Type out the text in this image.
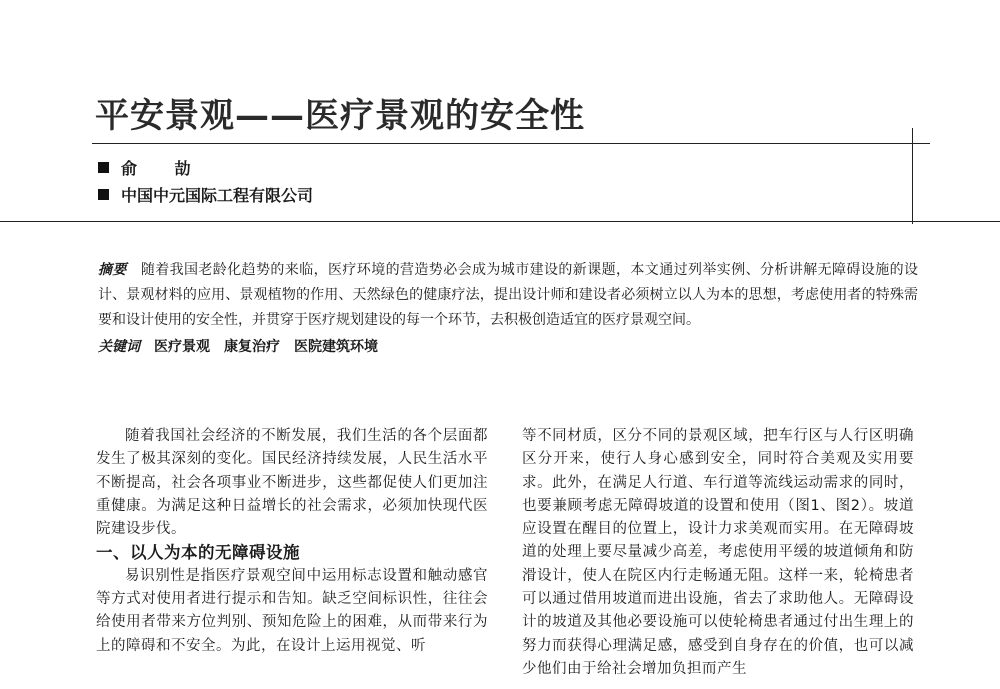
平安景观——医疗景观的安全性
俞 劼
中国中元国际工程有限公司
摘要 随着我国老龄化趋势的来临，医疗环境的营造势必会成为城市建设的新课题，本文通过列举实例、分析讲解无障碍设施的设计、景观材料的应用、景观植物的作用、天然绿色的健康疗法，提出设计师和建设者必须树立以人为本的思想，考虑使用者的特殊需要和设计使用的安全性，并贯穿于医疗规划建设的每一个环节，去积极创造适宜的医疗景观空间。
关键词 医疗景观 康复治疗 医院建筑环境

随着我国社会经济的不断发展，我们生活的各个层面都发生了极其深刻的变化。国民经济持续发展，人民生活水平不断提高，社会各项事业不断进步，这些都促使人们更加注重健康。为满足这种日益增长的社会需求，必须加快现代医院建设步伐。

一、以人为本的无障碍设施

易识别性是指医疗景观空间中运用标志设置和触动感官等方式对使用者进行提示和告知。缺乏空间标识性，往往会给使用者带来方位判别、预知危险上的困难，从而带来行为上的障碍和不安全。为此，在设计上运用视觉、听

等不同材质，区分不同的景观区域，把车行区与人行区明确区分开来，使行人身心感到安全，同时符合美观及实用要求。此外，在满足人行道、车行道等流线运动需求的同时，也要兼顾考虑无障碍坡道的设置和使用（图1、图2）。坡道应设置在醒目的位置上，设计力求美观而实用。在无障碍坡道的处理上要尽量减少高差，考虑使用平缓的坡道倾角和防滑设计，使人在院区内行走畅通无阻。这样一来，轮椅患者可以通过借用坡道而进出设施，省去了求助他人。无障碍设计的坡道及其他必要设施可以使轮椅患者通过付出生理上的努力而获得心理满足感，感受到自身存在的价值，也可以减少他们由于给社会增加负担而产生
